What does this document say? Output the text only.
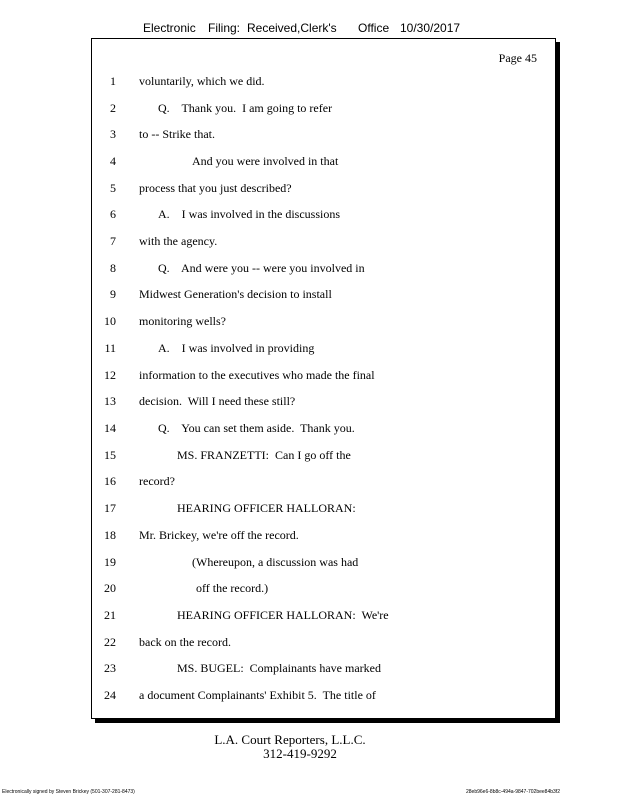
Electronic Filing: Received,Clerk's Office 10/30/2017
Page 45
1 voluntarily, which we did.
2	Q.    Thank you.  I am going to refer
3 to -- Strike that.
4	And you were involved in that
5 process that you just described?
6	A.    I was involved in the discussions
7 with the agency.
8	Q.    And were you -- were you involved in
9 Midwest Generation's decision to install
10 monitoring wells?
11	A.    I was involved in providing
12 information to the executives who made the final
13 decision.  Will I need these still?
14	Q.    You can set them aside.  Thank you.
15	MS. FRANZETTI:  Can I go off the
16 record?
17	HEARING OFFICER HALLORAN:
18 Mr. Brickey, we're off the record.
19	(Whereupon, a discussion was had
20	off the record.)
21	HEARING OFFICER HALLORAN:  We're
22 back on the record.
23	MS. BUGEL:  Complainants have marked
24 a document Complainants' Exhibit 5.  The title of
L.A. Court Reporters, L.L.C.
312-419-9292
Electronically signed by Steven Brickey (501-307-281-8473)	28eb96e6-8b8c-494a-9847-702bee84b3f2
